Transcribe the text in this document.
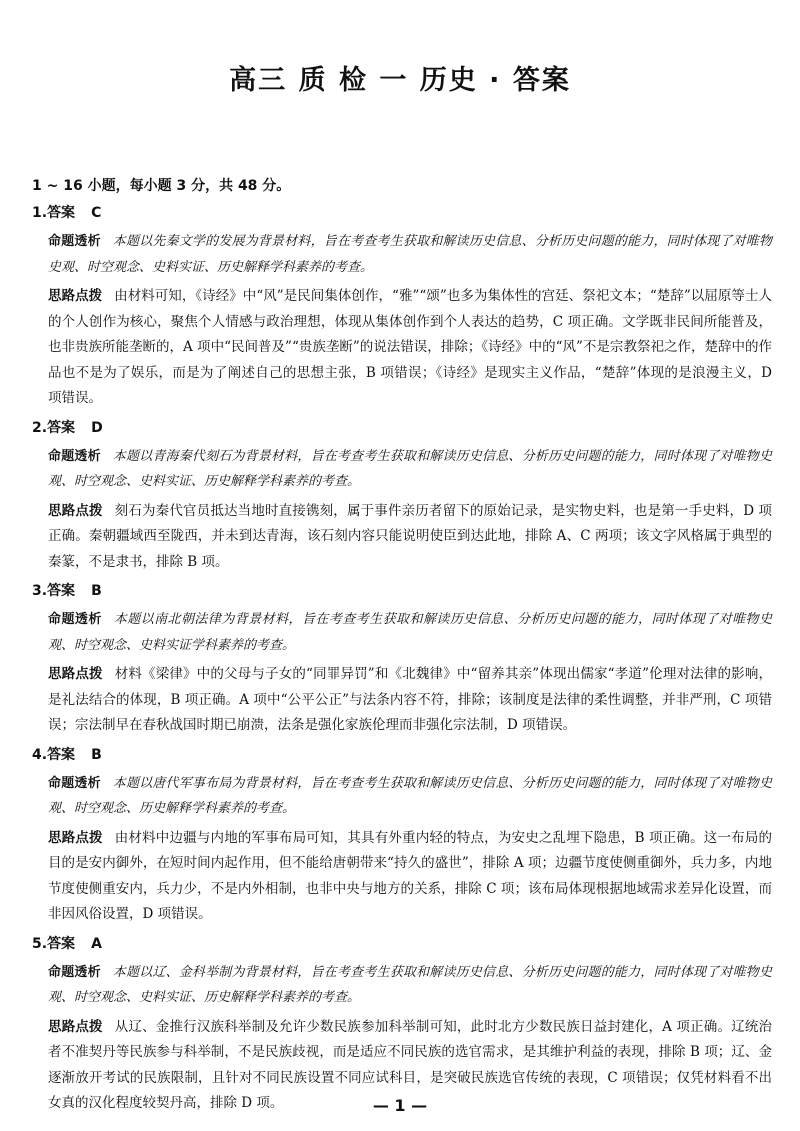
高三 质 检 一 历史 · 答案

1 ~ 16 小题，每小题 3 分，共 48 分。

1.答案 C

命题透析 本题以先秦文学的发展为背景材料，旨在考查考生获取和解读历史信息、分析历史问题的能力，同时体现了对唯物史观、时空观念、史料实证、历史解释学科素养的考查。

思路点拨 由材料可知，《诗经》中“风”是民间集体创作，“雅”“颂”也多为集体性的宫廷、祭祀文本；“楚辞”以屈原等士人的个人创作为核心，聚焦个人情感与政治理想，体现从集体创作到个人表达的趋势，C 项正确。文学既非民间所能普及，也非贵族所能垄断的，A 项中“民间普及”“贵族垄断”的说法错误，排除；《诗经》中的“风”不是宗教祭祀之作，楚辞中的作品也不是为了娱乐，而是为了阐述自己的思想主张，B 项错误；《诗经》是现实主义作品，“楚辞”体现的是浪漫主义，D 项错误。

2.答案 D

命题透析 本题以青海秦代刻石为背景材料，旨在考查考生获取和解读历史信息、分析历史问题的能力，同时体现了对唯物史观、时空观念、史料实证、历史解释学科素养的考查。

思路点拨 刻石为秦代官员抵达当地时直接镌刻，属于事件亲历者留下的原始记录，是实物史料，也是第一手史料，D 项正确。秦朝疆域西至陇西，并未到达青海，该石刻内容只能说明使臣到达此地，排除 A、C 两项；该文字风格属于典型的秦篆，不是隶书，排除 B 项。

3.答案 B

命题透析 本题以南北朝法律为背景材料，旨在考查考生获取和解读历史信息、分析历史问题的能力，同时体现了对唯物史观、时空观念、史料实证学科素养的考查。

思路点拨 材料《梁律》中的父母与子女的“同罪异罚”和《北魏律》中“留养其亲”体现出儒家“孝道”伦理对法律的影响，是礼法结合的体现，B 项正确。A 项中“公平公正”与法条内容不符，排除；该制度是法律的柔性调整，并非严刑，C 项错误；宗法制早在春秋战国时期已崩溃，法条是强化家族伦理而非强化宗法制，D 项错误。

4.答案 B

命题透析 本题以唐代军事布局为背景材料，旨在考查考生获取和解读历史信息、分析历史问题的能力，同时体现了对唯物史观、时空观念、历史解释学科素养的考查。

思路点拨 由材料中边疆与内地的军事布局可知，其具有外重内轻的特点，为安史之乱埋下隐患，B 项正确。这一布局的目的是安内御外，在短时间内起作用，但不能给唐朝带来“持久的盛世”，排除 A 项；边疆节度使侧重御外，兵力多，内地节度使侧重安内，兵力少，不是内外相制，也非中央与地方的关系，排除 C 项；该布局体现根据地域需求差异化设置，而非因风俗设置，D 项错误。

5.答案 A

命题透析 本题以辽、金科举制为背景材料，旨在考查考生获取和解读历史信息、分析历史问题的能力，同时体现了对唯物史观、时空观念、史料实证、历史解释学科素养的考查。

思路点拨 从辽、金推行汉族科举制及允许少数民族参加科举制可知，此时北方少数民族日益封建化，A 项正确。辽统治者不准契丹等民族参与科举制，不是民族歧视，而是适应不同民族的选官需求，是其维护利益的表现，排除 B 项；辽、金逐渐放开考试的民族限制，且针对不同民族设置不同应试科目，是突破民族选官传统的表现，C 项错误；仅凭材料看不出女真的汉化程度较契丹高，排除 D 项。	— 1 —
